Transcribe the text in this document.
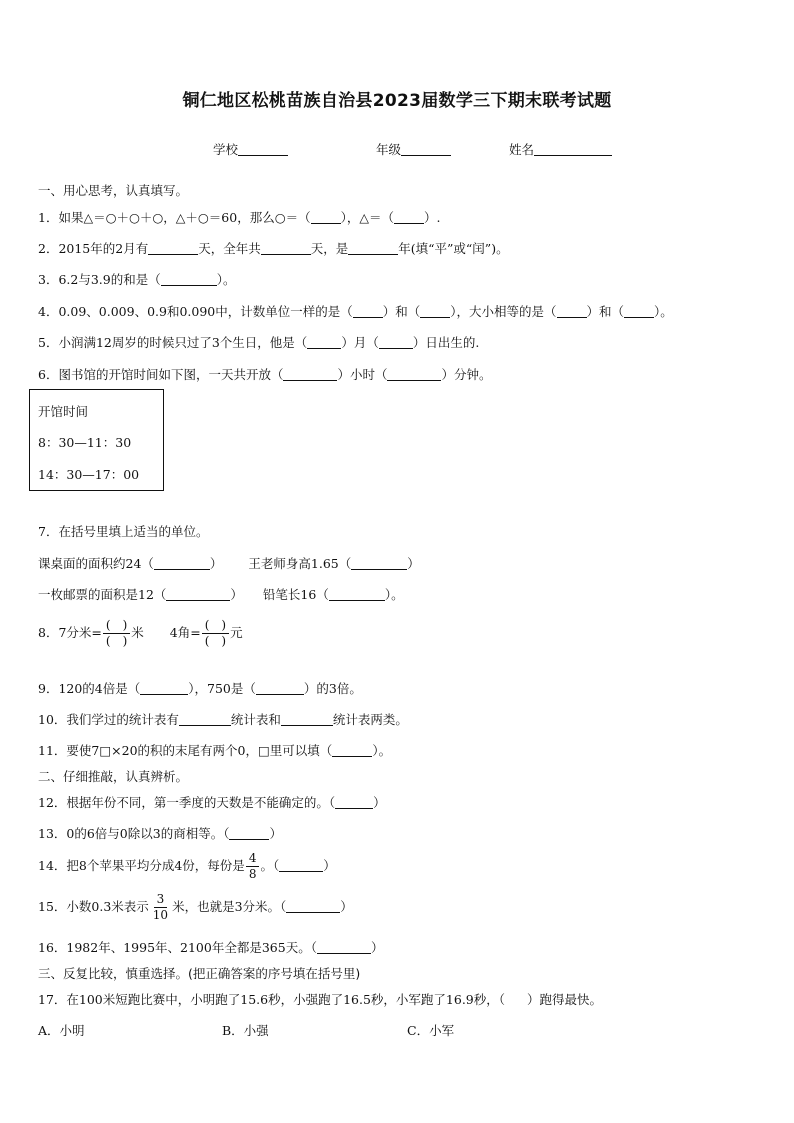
铜仁地区松桃苗族自治县2023届数学三下期末联考试题
学校	年级	姓名
一、用心思考，认真填写。
1．如果△＝○＋○＋○，△＋○＝60，那么○＝（ ），△＝（ ）.
2．2015年的2月有	天，全年共	天，是	年(填“平”或“闰”)。
3．6.2与3.9的和是（	）。
4．0.09、0.009、0.9和0.090中，计数单位一样的是（ ）和（ ），大小相等的是（ ）和（ ）。
5．小润满12周岁的时候只过了3个生日，他是（	）月（	）日出生的.
6．图书馆的开馆时间如下图，一天共开放（	）小时（	）分钟。
开馆时间
8：30—11：30
14：30—17：00
7．在括号里填上适当的单位。
课桌面的面积约24（	） 王老师身高1.65（	）
一枚邮票的面积是12（	） 铅笔长16（	）。
8．7分米= $\frac{( )}{( )}$ 米 4角= $\frac{( )}{( )}$ 元
9．120的4倍是（	），750是（	）的3倍。
10．我们学过的统计表有	统计表和	统计表两类。
11．要使7□×20的积的末尾有两个0，□里可以填（	）。
二、仔细推敲，认真辨析。
12．根据年份不同，第一季度的天数是不能确定的。（	）
13．0的6倍与0除以3的商相等。（	）
14．把8个苹果平均分成4份，每份是 $\frac{4}{8}$ 。（	）
15．小数0.3米表示 $\frac{3}{10}$ 米，也就是3分米。（	）
16．1982年、1995年、2100年全都是365天。（	）
三、反复比较，慎重选择。(把正确答案的序号填在括号里)
17．在100米短跑比赛中，小明跑了15.6秒，小强跑了16.5秒，小军跑了16.9秒，（ ）跑得最快。
A．小明	B．小强	C．小军
